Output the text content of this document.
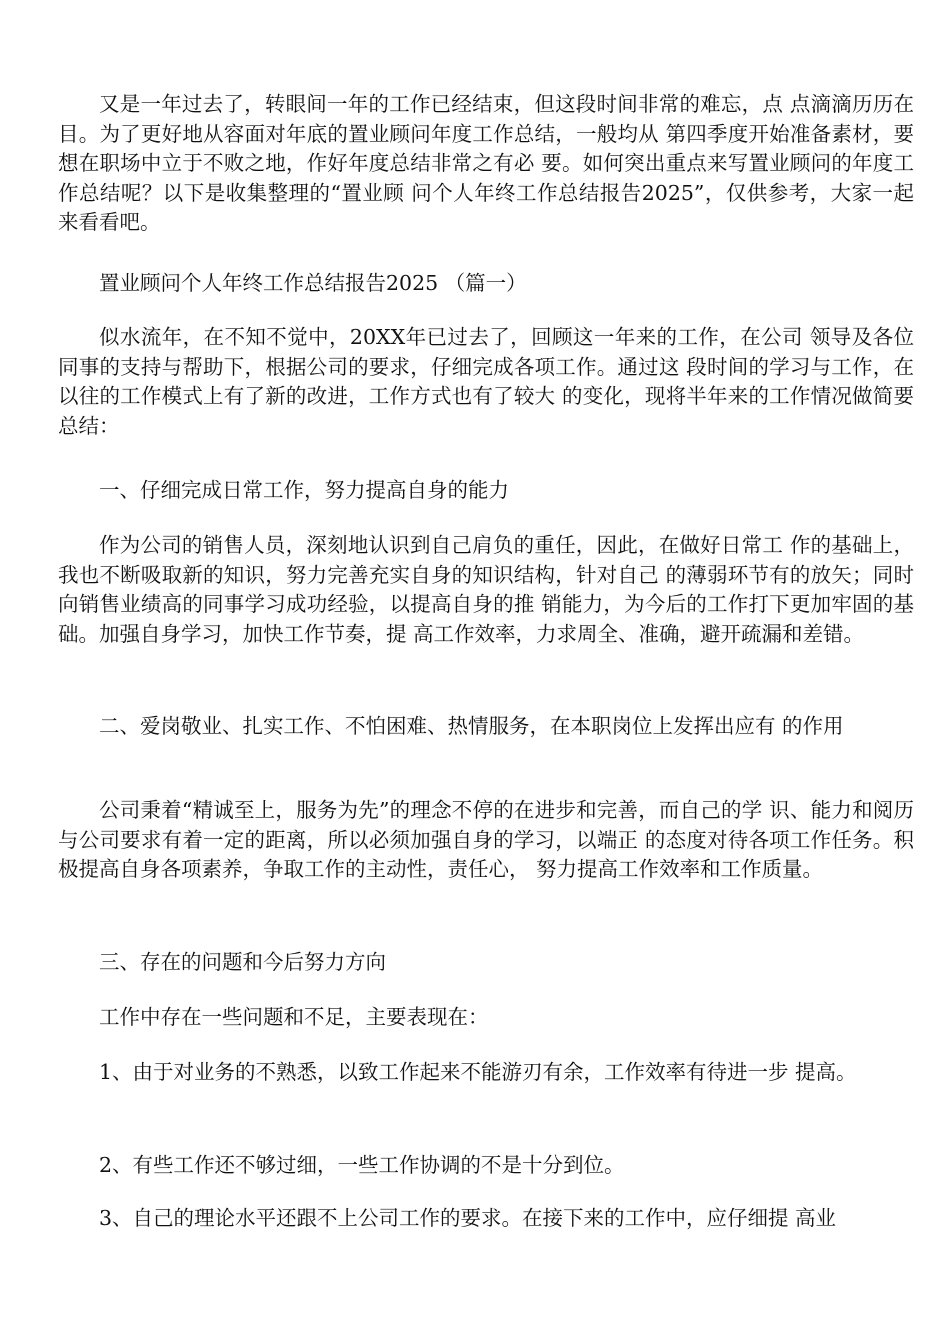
又是一年过去了，转眼间一年的工作已经结束，但这段时间非常的难忘，点 点滴滴历历在目。为了更好地从容面对年底的置业顾问年度工作总结，一般均从 第四季度开始准备素材，要想在职场中立于不败之地，作好年度总结非常之有必 要。如何突出重点来写置业顾问的年度工作总结呢？以下是收集整理的“置业顾 问个人年终工作总结报告2025”，仅供参考，大家一起来看看吧。

置业顾问个人年终工作总结报告2025 （篇一）

似水流年，在不知不觉中，20XX年已过去了，回顾这一年来的工作，在公司 领导及各位同事的支持与帮助下，根据公司的要求，仔细完成各项工作。通过这 段时间的学习与工作，在以往的工作模式上有了新的改进，工作方式也有了较大 的变化，现将半年来的工作情况做简要总结：

一、仔细完成日常工作，努力提高自身的能力

作为公司的销售人员，深刻地认识到自己肩负的重任，因此，在做好日常工 作的基础上，我也不断吸取新的知识，努力完善充实自身的知识结构，针对自己 的薄弱环节有的放矢；同时向销售业绩高的同事学习成功经验，以提高自身的推 销能力，为今后的工作打下更加牢固的基础。加强自身学习，加快工作节奏，提 高工作效率，力求周全、准确，避开疏漏和差错。

二、爱岗敬业、扎实工作、不怕困难、热情服务，在本职岗位上发挥出应有 的作用

公司秉着“精诚至上，服务为先”的理念不停的在进步和完善，而自己的学 识、能力和阅历与公司要求有着一定的距离，所以必须加强自身的学习，以端正 的态度对待各项工作任务。积极提高自身各项素养，争取工作的主动性，责任心， 努力提高工作效率和工作质量。

三、存在的问题和今后努力方向

工作中存在一些问题和不足，主要表现在：

1、由于对业务的不熟悉，以致工作起来不能游刃有余，工作效率有待进一步 提高。

2、有些工作还不够过细，一些工作协调的不是十分到位。

3、自己的理论水平还跟不上公司工作的要求。在接下来的工作中，应仔细提 高业
